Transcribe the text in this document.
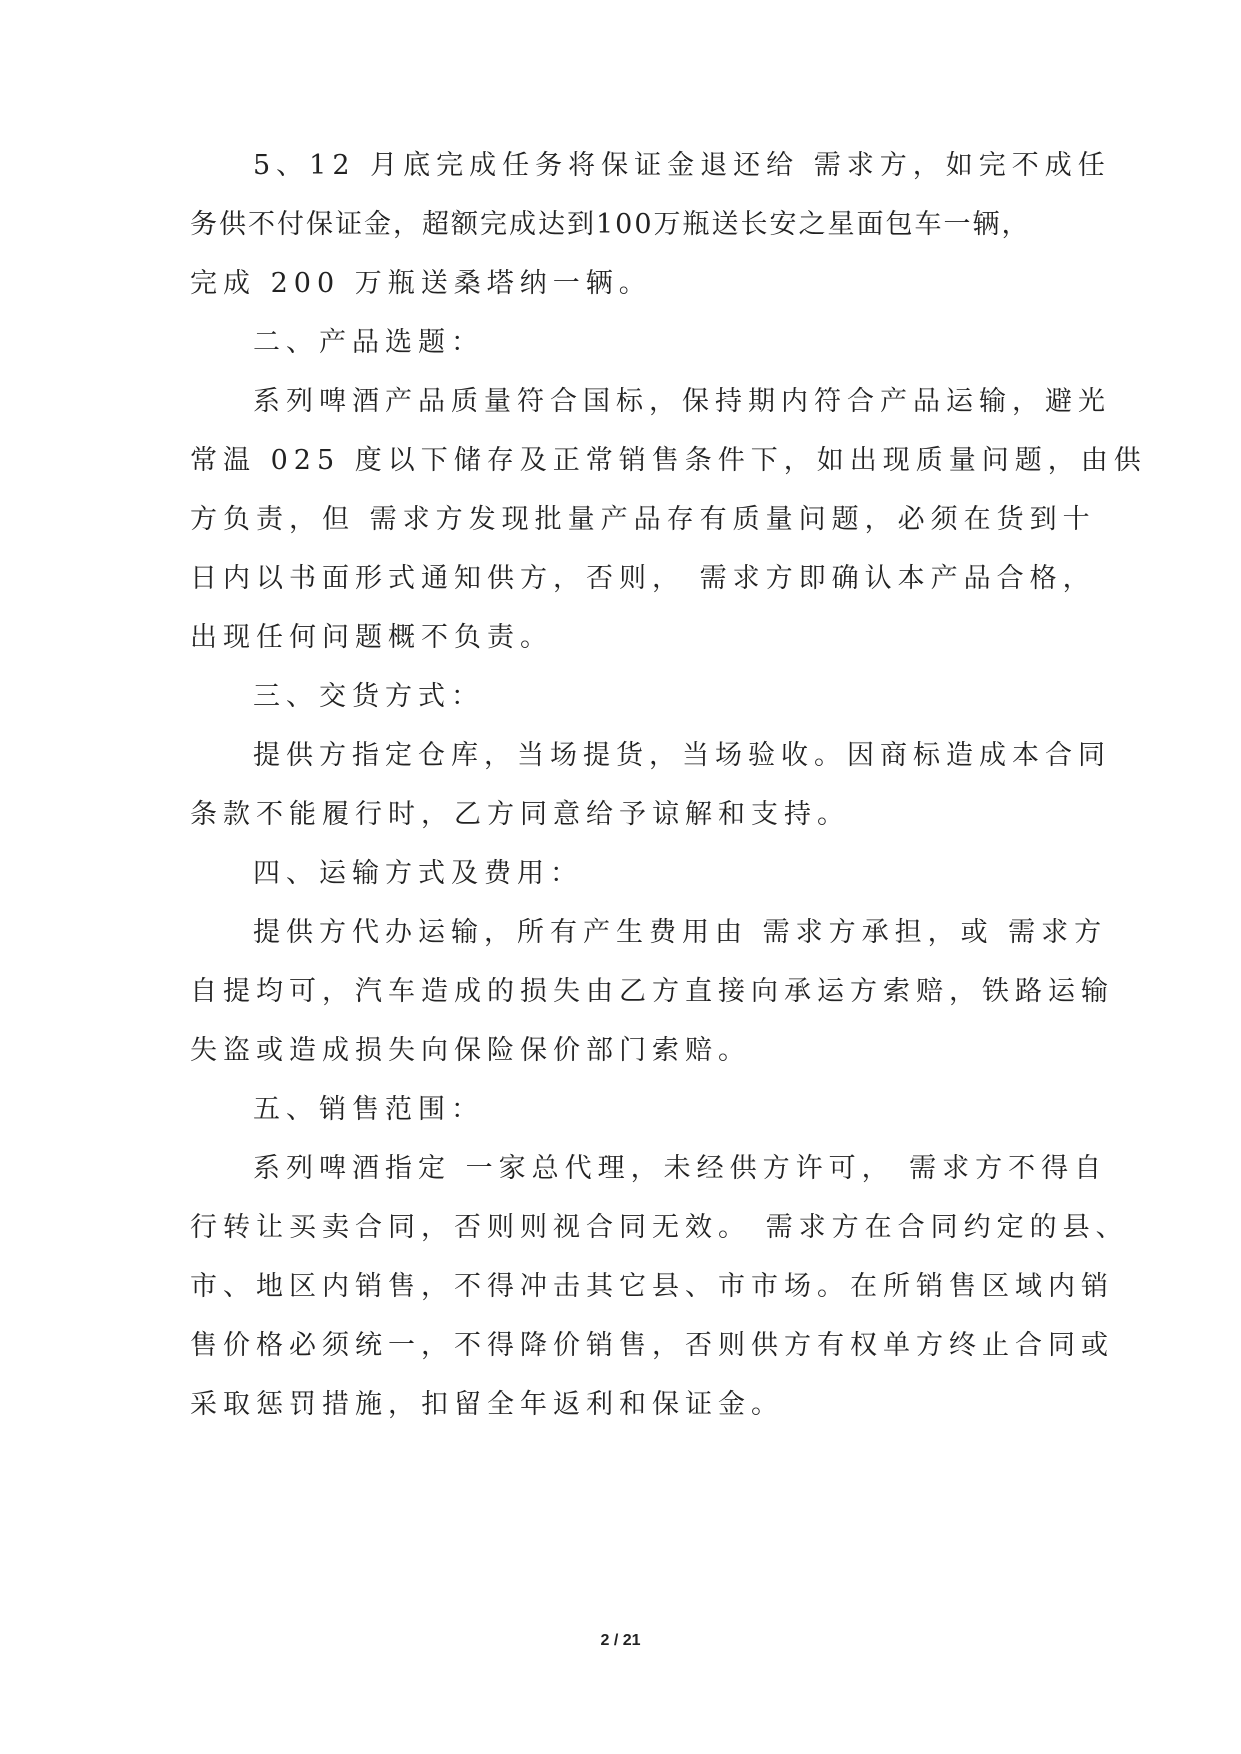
5、12 月底完成任务将保证金退还给 需求方，如完不成任
务供不付保证金，超额完成达到100万瓶送长安之星面包车一辆，
完成 200 万瓶送桑塔纳一辆。
二、产品选题：
系列啤酒产品质量符合国标，保持期内符合产品运输，避光
常温 025 度以下储存及正常销售条件下，如出现质量问题，由供
方负责，但 需求方发现批量产品存有质量问题，必须在货到十
日内以书面形式通知供方，否则， 需求方即确认本产品合格，
出现任何问题概不负责。
三、交货方式：
提供方指定仓库，当场提货，当场验收。因商标造成本合同
条款不能履行时，乙方同意给予谅解和支持。
四、运输方式及费用：
提供方代办运输，所有产生费用由 需求方承担，或 需求方
自提均可，汽车造成的损失由乙方直接向承运方索赔，铁路运输
失盗或造成损失向保险保价部门索赔。
五、销售范围：
系列啤酒指定 一家总代理，未经供方许可， 需求方不得自
行转让买卖合同，否则则视合同无效。 需求方在合同约定的县、
市、地区内销售，不得冲击其它县、市市场。在所销售区域内销
售价格必须统一，不得降价销售，否则供方有权单方终止合同或
采取惩罚措施，扣留全年返利和保证金。
2 / 21
